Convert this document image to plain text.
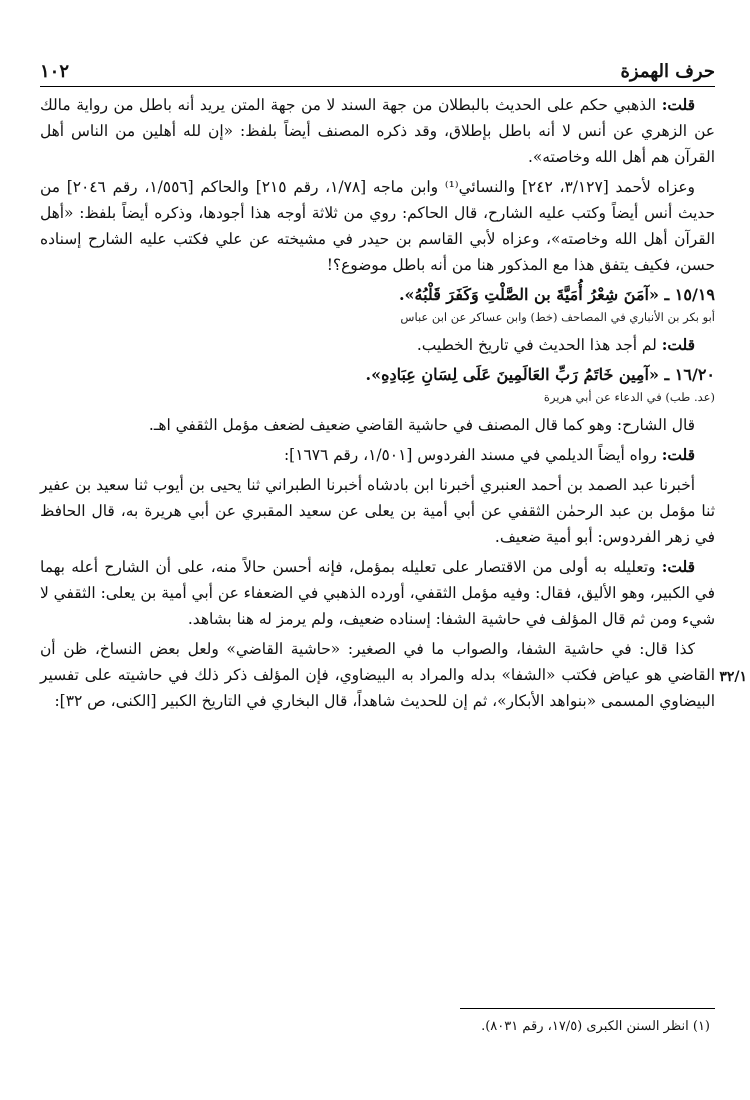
حرف الهمزة
١٠٢

قلت: الذهبي حكم على الحديث بالبطلان من جهة السند لا من جهة المتن يريد أنه باطل من رواية مالك عن الزهري عن أنس لا أنه باطل بإطلاق، وقد ذكره المصنف أيضاً بلفظ: «إن لله أهلين من الناس أهل القرآن هم أهل الله وخاصته».

وعزاه لأحمد [٣/١٢٧، ٢٤٢] والنسائي⁽¹⁾ وابن ماجه [١/٧٨، رقم ٢١٥] والحاكم [١/٥٥٦، رقم ٢٠٤٦] من حديث أنس أيضاً وكتب عليه الشارح، قال الحاكم: روي من ثلاثة أوجه هذا أجودها، وذكره أيضاً بلفظ: «أهل القرآن أهل الله وخاصته»، وعزاه لأبي القاسم بن حيدر في مشيخته عن علي فكتب عليه الشارح إسناده حسن، فكيف يتفق هذا مع المذكور هنا من أنه باطل موضوع؟!

١٥/١٩ ـ «آمَنَ شِعْرُ أُمَيَّةَ بن الصَّلْتِ وَكَفَرَ قَلْبُهُ».

أبو بكر بن الأنباري في المصاحف (خط) وابن عساكر عن ابن عباس

قلت: لم أجد هذا الحديث في تاريخ الخطيب.

١٦/٢٠ ـ «آمِين خَاتَمُ رَبِّ العَالَمِينَ عَلَى لِسَانِ عِبَادِهِ».

(عد. طب) في الدعاء عن أبي هريرة

قال الشارح: وهو كما قال المصنف في حاشية القاضي ضعيف لضعف مؤمل الثقفي اهـ.

قلت: رواه أيضاً الديلمي في مسند الفردوس [١/٥٠١، رقم ١٦٧٦]:

أخبرنا عبد الصمد بن أحمد العنبري أخبرنا ابن بادشاه أخبرنا الطبراني ثنا يحيى بن أيوب ثنا سعيد بن عفير ثنا مؤمل بن عبد الرحمٰن الثقفي عن أبي أمية بن يعلى عن سعيد المقبري عن أبي هريرة به، قال الحافظ في زهر الفردوس: أبو أمية ضعيف.

قلت: وتعليله به أولى من الاقتصار على تعليله بمؤمل، فإنه أحسن حالاً منه، على أن الشارح أعله بهما في الكبير، وهو الأليق، فقال: وفيه مؤمل الثقفي، أورده الذهبي في الضعفاء عن أبي أمية بن يعلى: الثقفي لا شيء ومن ثم قال المؤلف في حاشية الشفا: إسناده ضعيف، ولم يرمز له هنا بشاهد.

٣٢/١

كذا قال: في حاشية الشفا، والصواب ما في الصغير: «حاشية القاضي» ولعل بعض النساخ، ظن أن القاضي هو عياض فكتب «الشفا» بدله والمراد به البيضاوي، فإن المؤلف ذكر ذلك في حاشيته على تفسير البيضاوي المسمى «بنواهد الأبكار»، ثم إن للحديث شاهداً، قال البخاري في التاريخ الكبير [الكنى، ص ٣٢]:

(١) انظر السنن الكبرى (١٧/٥، رقم ٨٠٣١).
